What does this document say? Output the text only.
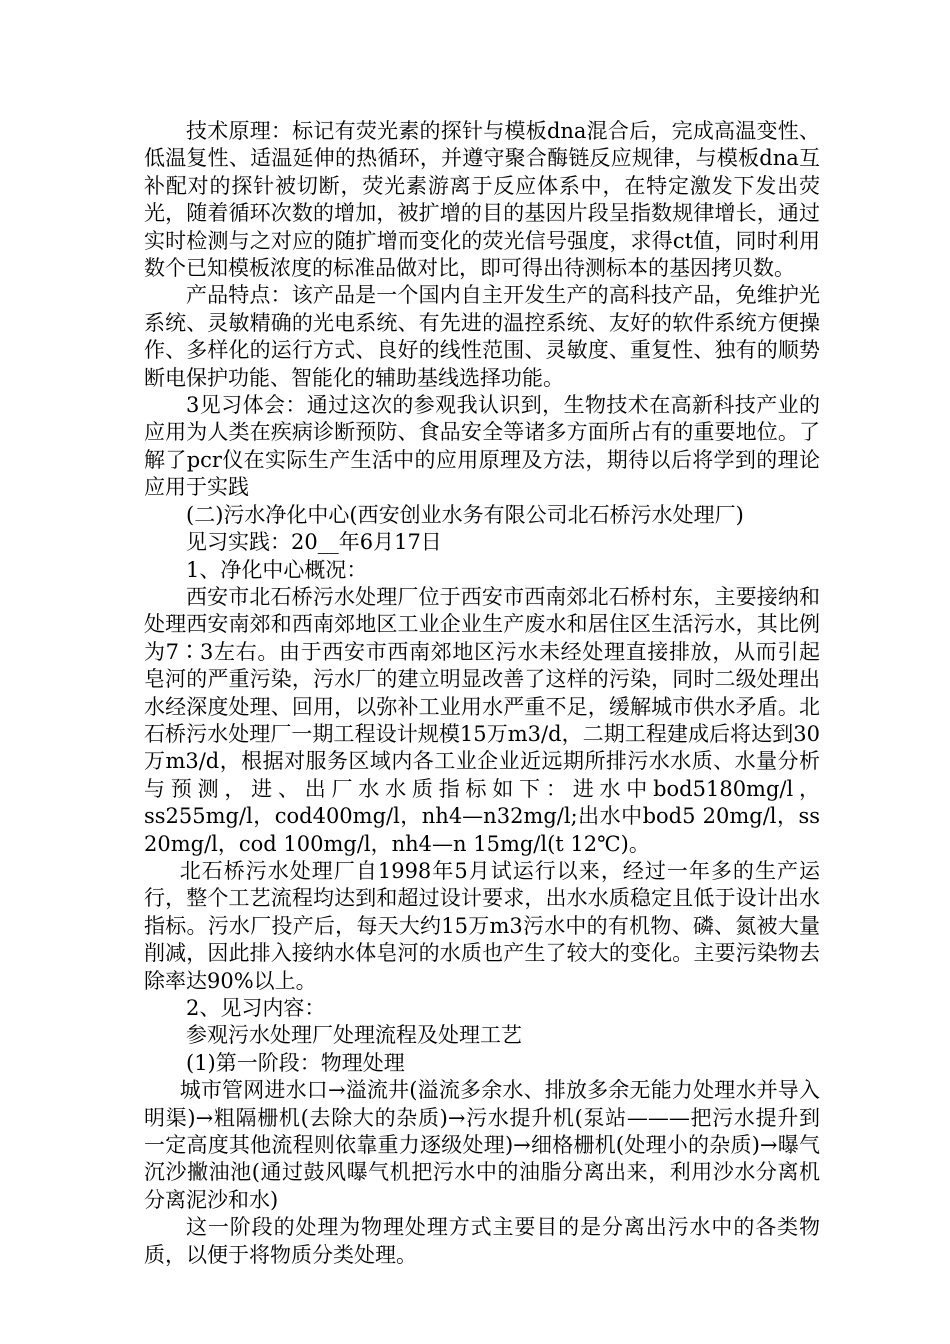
技术原理：标记有荧光素的探针与模板dna混合后，完成高温变性、低温复性、适温延伸的热循环，并遵守聚合酶链反应规律，与模板dna互补配对的探针被切断，荧光素游离于反应体系中，在特定激发下发出荧光，随着循环次数的增加，被扩增的目的基因片段呈指数规律增长，通过实时检测与之对应的随扩增而变化的荧光信号强度，求得ct值，同时利用数个已知模板浓度的标准品做对比，即可得出待测标本的基因拷贝数。

产品特点：该产品是一个国内自主开发生产的高科技产品，免维护光系统、灵敏精确的光电系统、有先进的温控系统、友好的软件系统方便操作、多样化的运行方式、良好的线性范围、灵敏度、重复性、独有的顺势断电保护功能、智能化的辅助基线选择功能。

3见习体会：通过这次的参观我认识到，生物技术在高新科技产业的应用为人类在疾病诊断预防、食品安全等诸多方面所占有的重要地位。了解了pcr仪在实际生产生活中的应用原理及方法，期待以后将学到的理论应用于实践

(二)污水净化中心(西安创业水务有限公司北石桥污水处理厂)

见习实践：20__年6月17日

1、净化中心概况：

西安市北石桥污水处理厂位于西安市西南郊北石桥村东，主要接纳和处理西安南郊和西南郊地区工业企业生产废水和居住区生活污水，其比例为7∶3左右。由于西安市西南郊地区污水未经处理直接排放，从而引起皂河的严重污染，污水厂的建立明显改善了这样的污染，同时二级处理出水经深度处理、回用，以弥补工业用水严重不足，缓解城市供水矛盾。北石桥污水处理厂一期工程设计规模15万m3/d，二期工程建成后将达到30万m3/d，根据对服务区域内各工业企业近远期所排污水水质、水量分析与预测，进、出厂水水质指标如下：进水中bod5180mg/l，ss255mg/l，cod400mg/l，nh4—n32mg/l;出水中bod5 20mg/l，ss 20mg/l，cod 100mg/l，nh4—n 15mg/l(t 12℃)。

北石桥污水处理厂自1998年5月试运行以来，经过一年多的生产运行，整个工艺流程均达到和超过设计要求，出水水质稳定且低于设计出水指标。污水厂投产后，每天大约15万m3污水中的有机物、磷、氮被大量削减，因此排入接纳水体皂河的水质也产生了较大的变化。主要污染物去除率达90%以上。

2、见习内容：

参观污水处理厂处理流程及处理工艺

(1)第一阶段：物理处理

城市管网进水口→溢流井(溢流多余水、排放多余无能力处理水并导入明渠)→粗隔栅机(去除大的杂质)→污水提升机(泵站———把污水提升到一定高度其他流程则依靠重力逐级处理)→细格栅机(处理小的杂质)→曝气沉沙撇油池(通过鼓风曝气机把污水中的油脂分离出来，利用沙水分离机分离泥沙和水)

这一阶段的处理为物理处理方式主要目的是分离出污水中的各类物质，以便于将物质分类处理。
